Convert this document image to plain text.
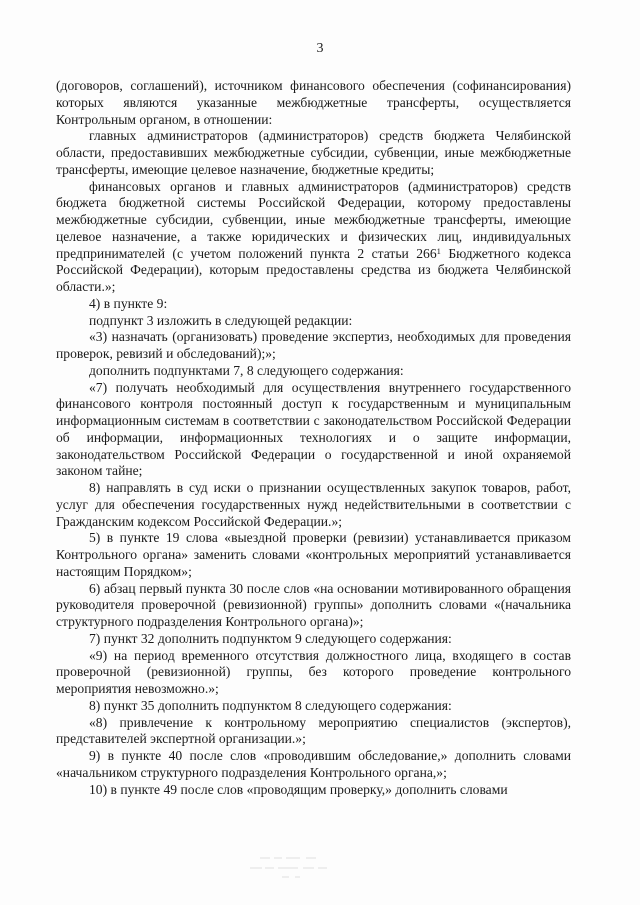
3

(договоров, соглашений), источником финансового обеспечения (софинансирования) которых являются указанные межбюджетные трансферты, осуществляется Контрольным органом, в отношении:

главных администраторов (администраторов) средств бюджета Челябинской области, предоставивших межбюджетные субсидии, субвенции, иные межбюджетные трансферты, имеющие целевое назначение, бюджетные кредиты;

финансовых органов и главных администраторов (администраторов) средств бюджета бюджетной системы Российской Федерации, которому предоставлены межбюджетные субсидии, субвенции, иные межбюджетные трансферты, имеющие целевое назначение, а также юридических и физических лиц, индивидуальных предпринимателей (с учетом положений пункта 2 статьи $266^1$ Бюджетного кодекса Российской Федерации), которым предоставлены средства из бюджета Челябинской области.»;

4) в пункте 9:

подпункт 3 изложить в следующей редакции:

«3) назначать (организовать) проведение экспертиз, необходимых для проведения проверок, ревизий и обследований);»;

дополнить подпунктами 7, 8 следующего содержания:

«7) получать необходимый для осуществления внутреннего государственного финансового контроля постоянный доступ к государственным и муниципальным информационным системам в соответствии с законодательством Российской Федерации об информации, информационных технологиях и о защите информации, законодательством Российской Федерации о государственной и иной охраняемой законом тайне;

8) направлять в суд иски о признании осуществленных закупок товаров, работ, услуг для обеспечения государственных нужд недействительными в соответствии с Гражданским кодексом Российской Федерации.»;

5) в пункте 19 слова «выездной проверки (ревизии) устанавливается приказом Контрольного органа» заменить словами «контрольных мероприятий устанавливается настоящим Порядком»;

6) абзац первый пункта 30 после слов «на основании мотивированного обращения руководителя проверочной (ревизионной) группы» дополнить словами «(начальника структурного подразделения Контрольного органа)»;

7) пункт 32 дополнить подпунктом 9 следующего содержания:

«9) на период временного отсутствия должностного лица, входящего в состав проверочной (ревизионной) группы, без которого проведение контрольного мероприятия невозможно.»;

8) пункт 35 дополнить подпунктом 8 следующего содержания:

«8) привлечение к контрольному мероприятию специалистов (экспертов), представителей экспертной организации.»;

9) в пункте 40 после слов «проводившим обследование,» дополнить словами «начальником структурного подразделения Контрольного органа,»;

10) в пункте 49 после слов «проводящим проверку,» дополнить словами
